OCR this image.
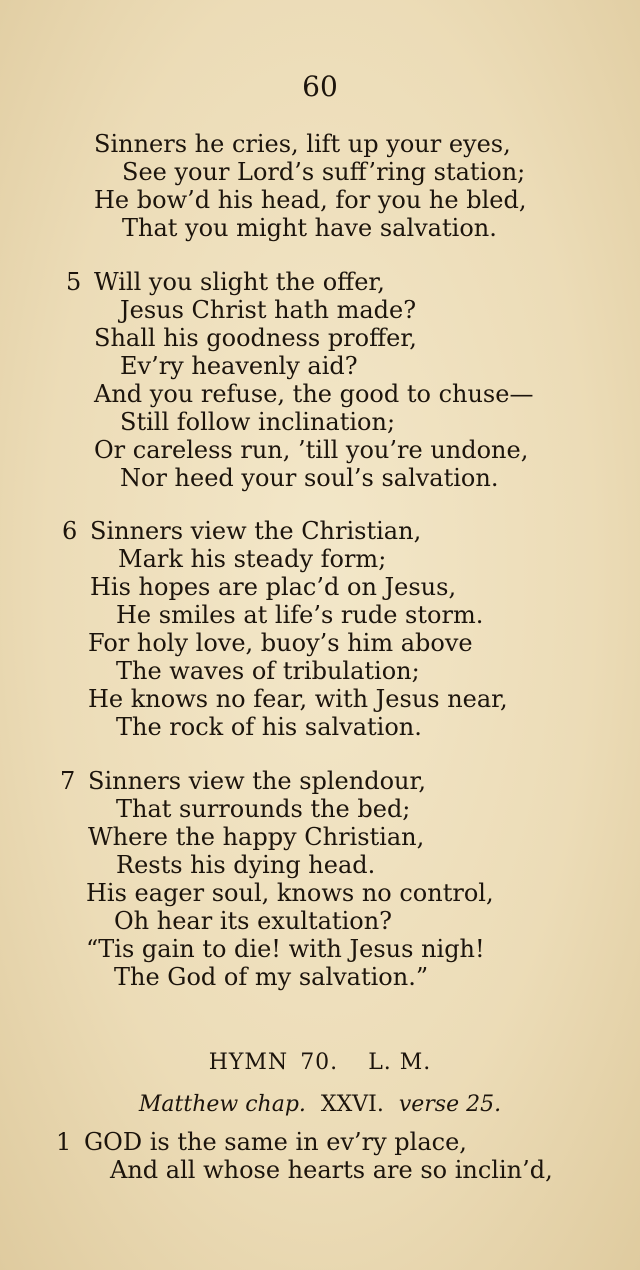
60
Sinners he cries, lift up your eyes,
See your Lord’s suff’ring station;
He bow’d his head, for you he bled,
That you might have salvation.
5 Will you slight the offer,
Jesus Christ hath made?
Shall his goodness proffer,
Ev’ry heavenly aid?
And you refuse, the good to chuse—
Still follow inclination;
Or careless run, ’till you’re undone,
Nor heed your soul’s salvation.
6 Sinners view the Christian,
Mark his steady form;
His hopes are plac’d on Jesus,
He smiles at life’s rude storm.
For holy love, buoy’s him above
The waves of tribulation;
He knows no fear, with Jesus near,
The rock of his salvation.
7 Sinners view the splendour,
That surrounds the bed;
Where the happy Christian,
Rests his dying head.
His eager soul, knows no control,
Oh hear its exultation?
“Tis gain to die! with Jesus nigh!
The God of my salvation.”
HYMN 70. L. M.
Matthew chap. XXVI. verse 25.
1 GOD is the same in ev’ry place,
And all whose hearts are so inclin’d,
